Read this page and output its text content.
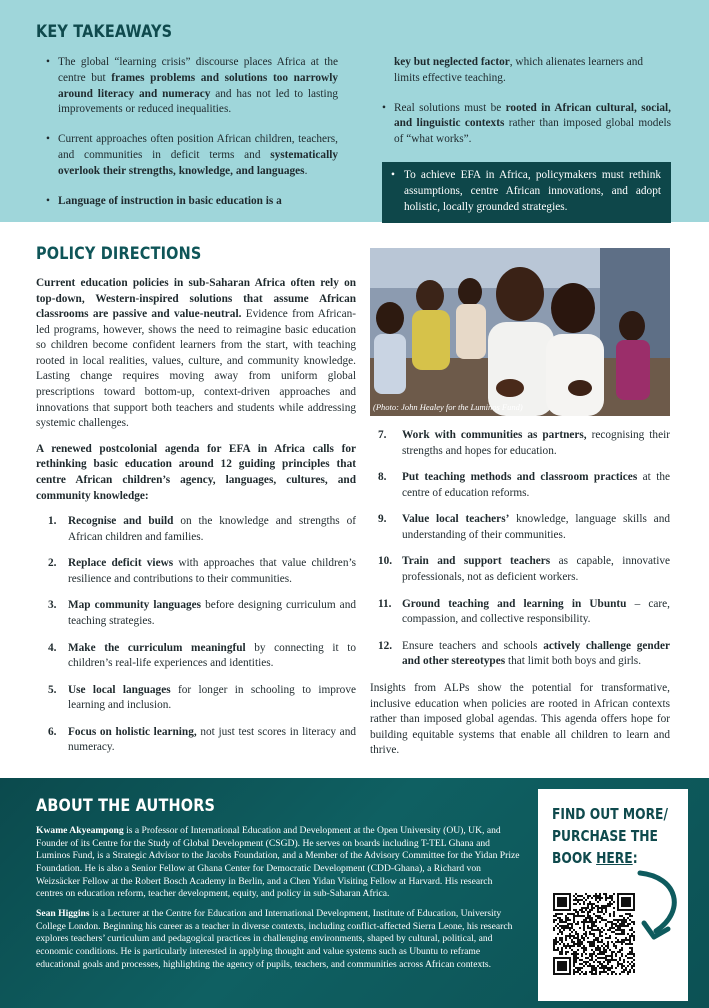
KEY TAKEAWAYS

• The global “learning crisis” discourse places Africa at the centre but frames problems and solutions too narrowly around literacy and numeracy and has not led to lasting improvements or reduced inequalities.

• Current approaches often position African children, teachers, and communities in deficit terms and systematically overlook their strengths, knowledge, and languages.

• Language of instruction in basic education is a

key but neglected factor, which alienates learners and limits effective teaching.

• Real solutions must be rooted in African cultural, social, and linguistic contexts rather than imposed global models of “what works”.

• To achieve EFA in Africa, policymakers must rethink assumptions, centre African innovations, and adopt holistic, locally grounded strategies.

POLICY DIRECTIONS

Current education policies in sub-Saharan Africa often rely on top-down, Western-inspired solutions that assume African classrooms are passive and value-neutral. Evidence from African-led programs, however, shows the need to reimagine basic education so children become confident learners from the start, with teaching rooted in local realities, values, culture, and community knowledge. Lasting change requires moving away from uniform global prescriptions toward bottom-up, context-driven approaches and innovations that support both teachers and students while addressing systemic challenges.

A renewed postcolonial agenda for EFA in Africa calls for rethinking basic education around 12 guiding principles that centre African children’s agency, languages, cultures, and community knowledge:

1. Recognise and build on the knowledge and strengths of African children and families.
2. Replace deficit views with approaches that value children’s resilience and contributions to their communities.
3. Map community languages before designing curriculum and teaching strategies.
4. Make the curriculum meaningful by connecting it to children’s real-life experiences and identities.
5. Use local languages for longer in schooling to improve learning and inclusion.
6. Focus on holistic learning, not just test scores in literacy and numeracy.
(Photo: John Healey for the Luminos Fund)
7. Work with communities as partners, recognising their strengths and hopes for education.
8. Put teaching methods and classroom practices at the centre of education reforms.
9. Value local teachers’ knowledge, language skills and understanding of their communities.
10. Train and support teachers as capable, innovative professionals, not as deficient workers.
11. Ground teaching and learning in Ubuntu – care, compassion, and collective responsibility.
12. Ensure teachers and schools actively challenge gender and other stereotypes that limit both boys and girls.

Insights from ALPs show the potential for transformative, inclusive education when policies are rooted in African contexts rather than imposed global agendas. This agenda offers hope for building equitable systems that enable all children to learn and thrive.

ABOUT THE AUTHORS

Kwame Akyeampong is a Professor of International Education and Development at the Open University (OU), UK, and Founder of its Centre for the Study of Global Development (CSGD). He serves on boards including T-TEL Ghana and Luminos Fund, is a Strategic Advisor to the Jacobs Foundation, and a Member of the Advisory Committee for the Yidan Prize Foundation. He is also a Senior Fellow at Ghana Center for Democratic Development (CDD-Ghana), a Richard von Weizsäcker Fellow at the Robert Bosch Academy in Berlin, and a Chen Yidan Visiting Fellow at Harvard. His research centres on education reform, teacher development, equity, and policy in sub-Saharan Africa.

Sean Higgins is a Lecturer at the Centre for Education and International Development, Institute of Education, University College London. Beginning his career as a teacher in diverse contexts, including conflict-affected Sierra Leone, his research explores teachers’ curriculum and pedagogical practices in challenging environments, shaped by cultural, political, and economic conditions. He is particularly interested in applying thought and value systems such as Ubuntu to reframe educational goals and processes, highlighting the agency of pupils, teachers, and communities across African contexts.

FIND OUT MORE/
PURCHASE THE
BOOK HERE:
